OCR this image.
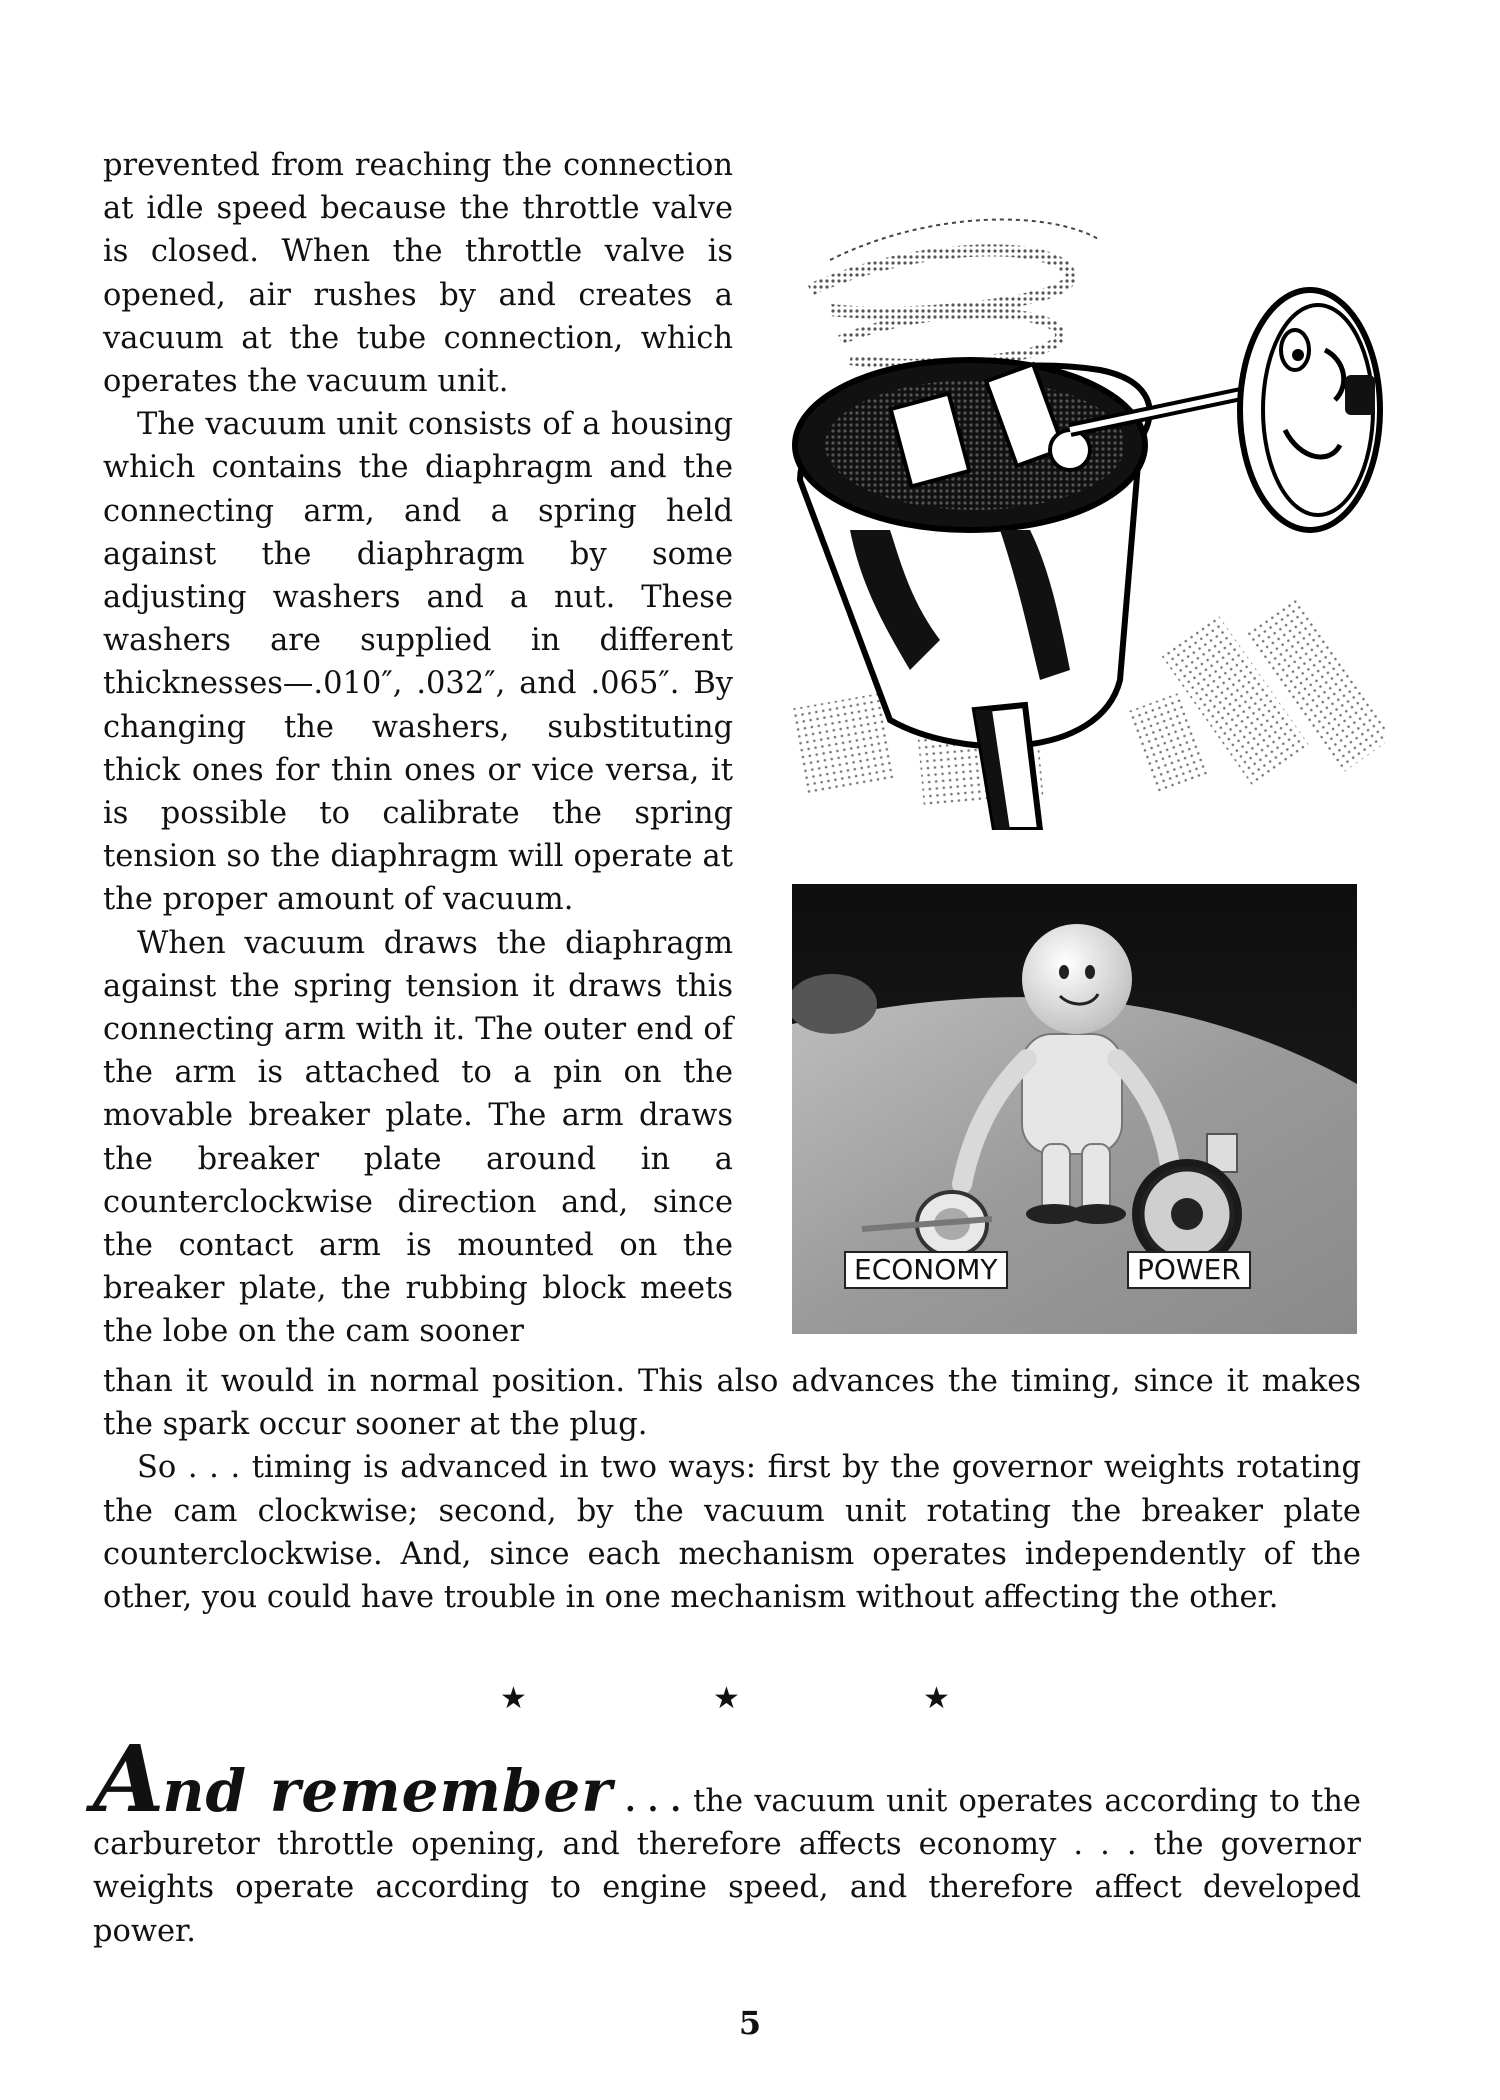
prevented from reaching the connection at idle speed because the throttle valve is closed. When the throttle valve is opened, air rushes by and creates a vacuum at the tube connection, which operates the vacuum unit.

The vacuum unit consists of a housing which contains the diaphragm and the connecting arm, and a spring held against the diaphragm by some adjusting washers and a nut. These washers are supplied in different thicknesses—.010″, .032″, and .065″. By changing the washers, substituting thick ones for thin ones or vice versa, it is possible to calibrate the spring tension so the diaphragm will operate at the proper amount of vacuum.

When vacuum draws the diaphragm against the spring tension it draws this connecting arm with it. The outer end of the arm is attached to a pin on the movable breaker plate. The arm draws the breaker plate around in a counterclockwise direction and, since the contact arm is mounted on the breaker plate, the rubbing block meets the lobe on the cam sooner

ECONOMY	POWER

than it would in normal position. This also advances the timing, since it makes the spark occur sooner at the plug.

So . . . timing is advanced in two ways: first by the governor weights rotating the cam clockwise; second, by the vacuum unit rotating the breaker plate counterclockwise. And, since each mechanism operates independently of the other, you could have trouble in one mechanism without affecting the other.

★	★	★
And remember . . . the vacuum unit operates according to the carburetor throttle opening, and therefore affects economy . . . the governor weights operate according to engine speed, and therefore affect developed power.
5
